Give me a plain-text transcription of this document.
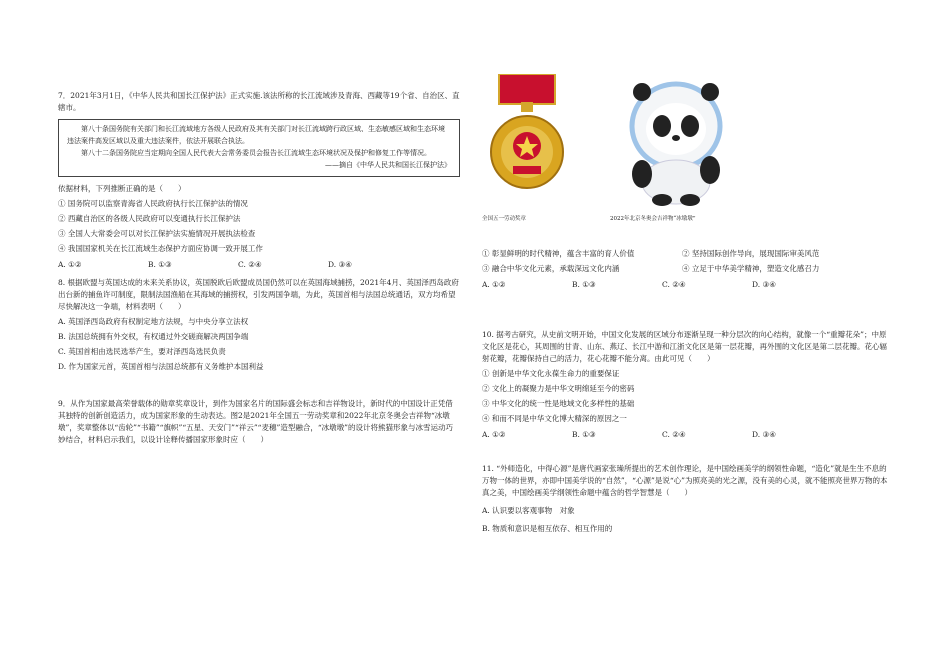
7．2021年3月1日，《中华人民共和国长江保护法》正式实施.该法所称的长江流域涉及青海、西藏等19个省、自治区、直辖市。

第八十条国务院有关部门和长江流域地方各级人民政府及其有关部门对长江流域跨行政区域、生态敏感区域和生态环境违法案件高发区域以及重大违法案件，依法开展联合执法。

第八十二条国务院应当定期向全国人民代表大会常务委员会报告长江流域生态环境状况及保护和修复工作等情况。

——摘自《中华人民共和国长江保护法》

依据材料，下列推断正确的是（　　）

① 国务院可以监察青海省人民政府执行长江保护法的情况

② 西藏自治区的各级人民政府可以变通执行长江保护法

③ 全国人大常委会可以对长江保护法实施情况开展执法检查

④ 我国国家机关在长江流域生态保护方面应协调一致开展工作

A. ①②	B. ①③	C. ②④	D. ③④

8. 根据欧盟与英国达成的未来关系协议，英国脱欧后欧盟成员国仍然可以在英国海域捕捞，2021年4月、英国泽西岛政府出台新的捕鱼许可制度，限制法国渔船在其海域的捕捞权，引发两国争端，为此，英国首相与法国总统通话，双方均希望尽快解决这一争端，材料表明（　　）

A. 英国泽西岛政府有权制定地方法规，与中央分享立法权

B. 法国总统拥有外交权，有权通过外交磋商解决两国争端

C. 英国首相由选民选举产生，要对泽西岛选民负责

D. 作为国家元首，英国首相与法国总统都有义务维护本国利益

9．从作为国家最高荣誉载体的勋章奖章设计，到作为国家名片的国际盛会标志和吉祥物设计，新时代的中国设计正凭借其独特的创新创造活力，成为国家形象的生动表达。图2是2021年全国五一劳动奖章和2022年北京冬奥会吉祥物“冰墩墩”，奖章整体以“齿轮”“书籍”“旗帜”“五星、天安门”“祥云”“麦穗”造型融合，“冰墩墩”的设计将熊猫形象与冰雪运动巧妙结合，材料启示我们，以设计诠释传播国家形象时应（　　）

全国五一劳动奖章	2022年北京冬奥会吉祥物“冰墩墩”
① 彰显鲜明的时代精神，蕴含丰富的育人价值	② 坚持国际创作导向，展现国际审美风范
③ 融合中华文化元素，承载深远文化内涵	④ 立足于中华美学精神，塑造文化感召力
A. ①②	B. ①③	C. ②④	D. ③④

10. 据考古研究，从史前文明开始，中国文化发展的区域分布逐渐呈现一种分层次的向心结构，就像一个“重瓣花朵”；中原文化区是花心，其周围的甘青、山东、燕辽、长江中游和江浙文化区是第一层花瓣，再外围的文化区是第二层花瓣。花心辐射花瓣，花瓣保持自己的活力，花心花瓣不能分离。由此可见（　　）

① 创新是中华文化永葆生命力的重要保证

② 文化上的凝聚力是中华文明绵延至今的密码

③ 中华文化的统一性是地域文化多样性的基础

④ 和而不同是中华文化博大精深的原因之一

A. ①②	B. ①③	C. ②④	D. ③④

11. “外师造化，中得心源”是唐代画家张璪所提出的艺术创作理论，是中国绘画美学的纲领性命题，“造化”就是生生不息的万物一体的世界，亦即中国美学说的“自然”，“心源”是说“心”为照亮美的光之源，没有美的心灵，就不能照亮世界万物的本真之美，中国绘画美学纲领性命题中蕴含的哲学智慧是（　　）

A. 认识要以客观事物　对象

B. 物质和意识是相互依存、相互作用的
